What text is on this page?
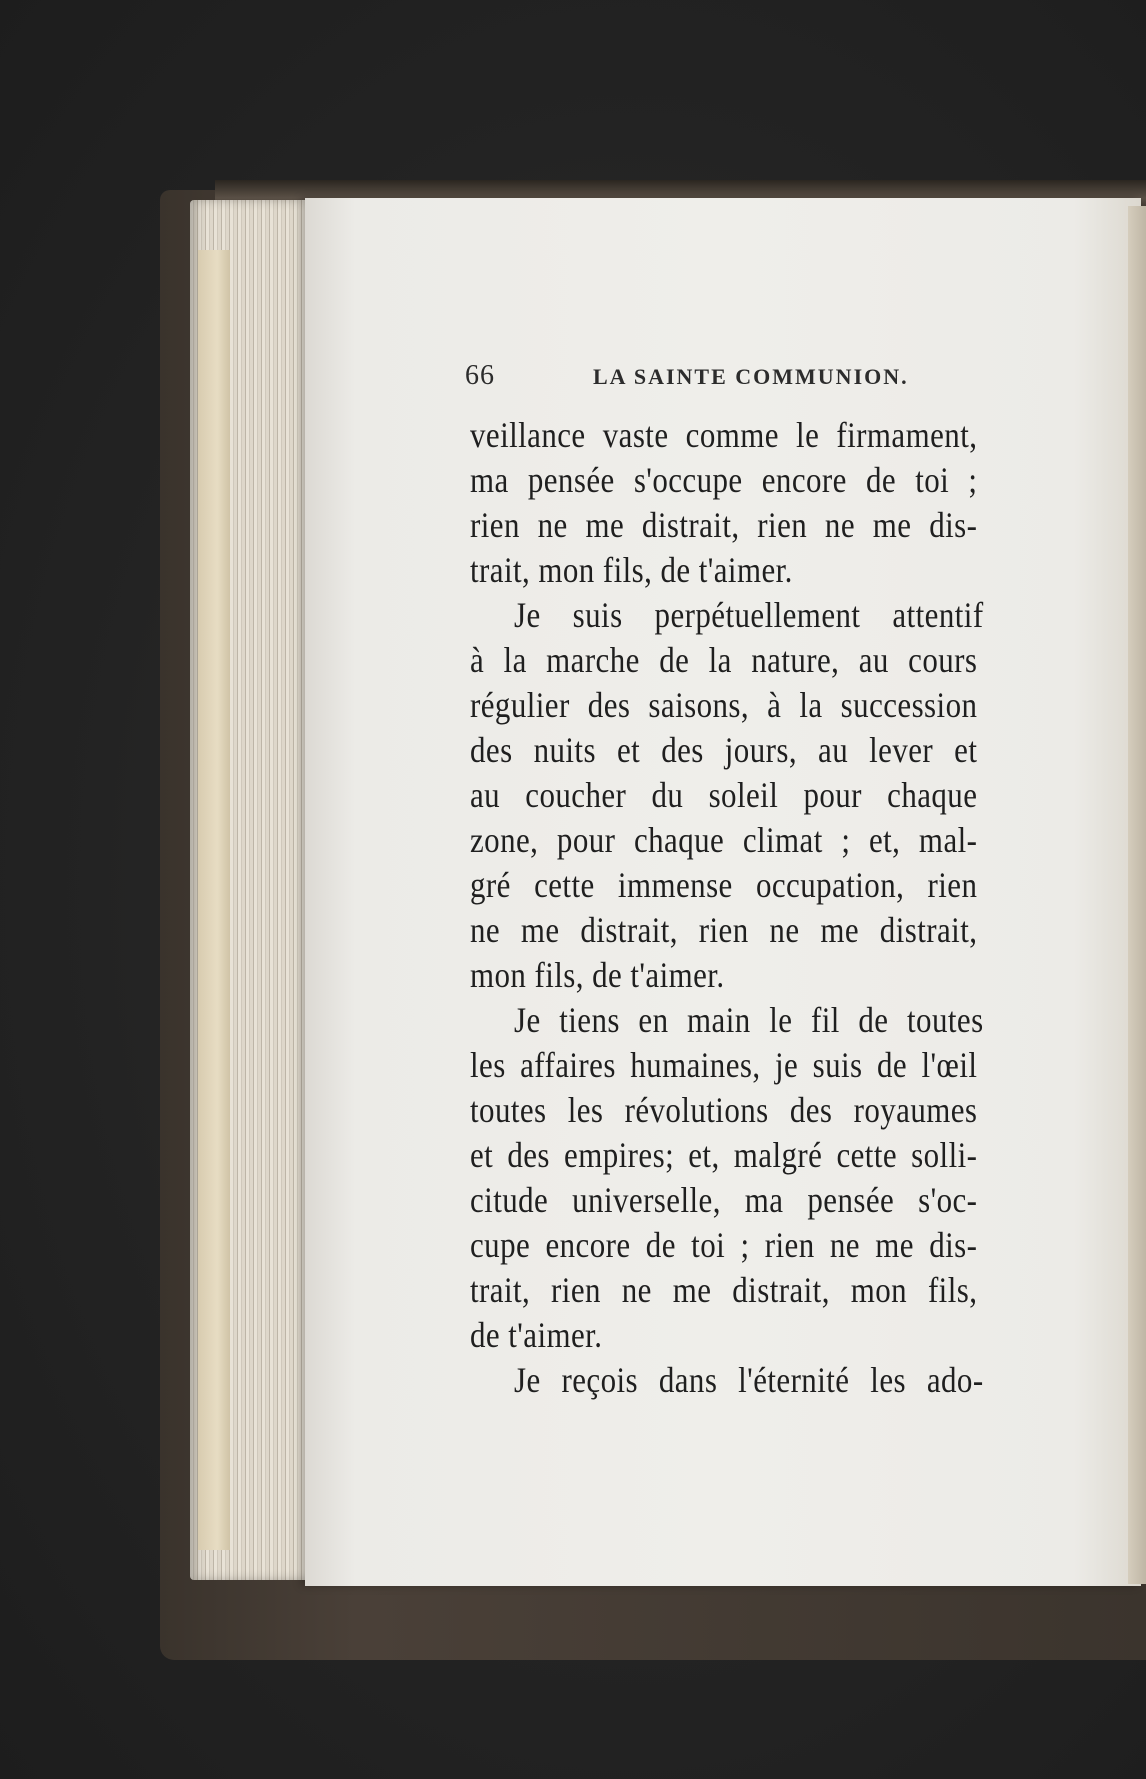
66	LA SAINTE COMMUNION.
veillance vaste comme le firmament,
ma pensée s'occupe encore de toi ;
rien ne me distrait, rien ne me dis-
trait, mon fils, de t'aimer.
Je suis perpétuellement attentif
à la marche de la nature, au cours
régulier des saisons, à la succession
des nuits et des jours, au lever et
au coucher du soleil pour chaque
zone, pour chaque climat ; et, mal-
gré cette immense occupation, rien
ne me distrait, rien ne me distrait,
mon fils, de t'aimer.
Je tiens en main le fil de toutes
les affaires humaines, je suis de l'œil
toutes les révolutions des royaumes
et des empires; et, malgré cette solli-
citude universelle, ma pensée s'oc-
cupe encore de toi ; rien ne me dis-
trait, rien ne me distrait, mon fils,
de t'aimer.
Je reçois dans l'éternité les ado-
